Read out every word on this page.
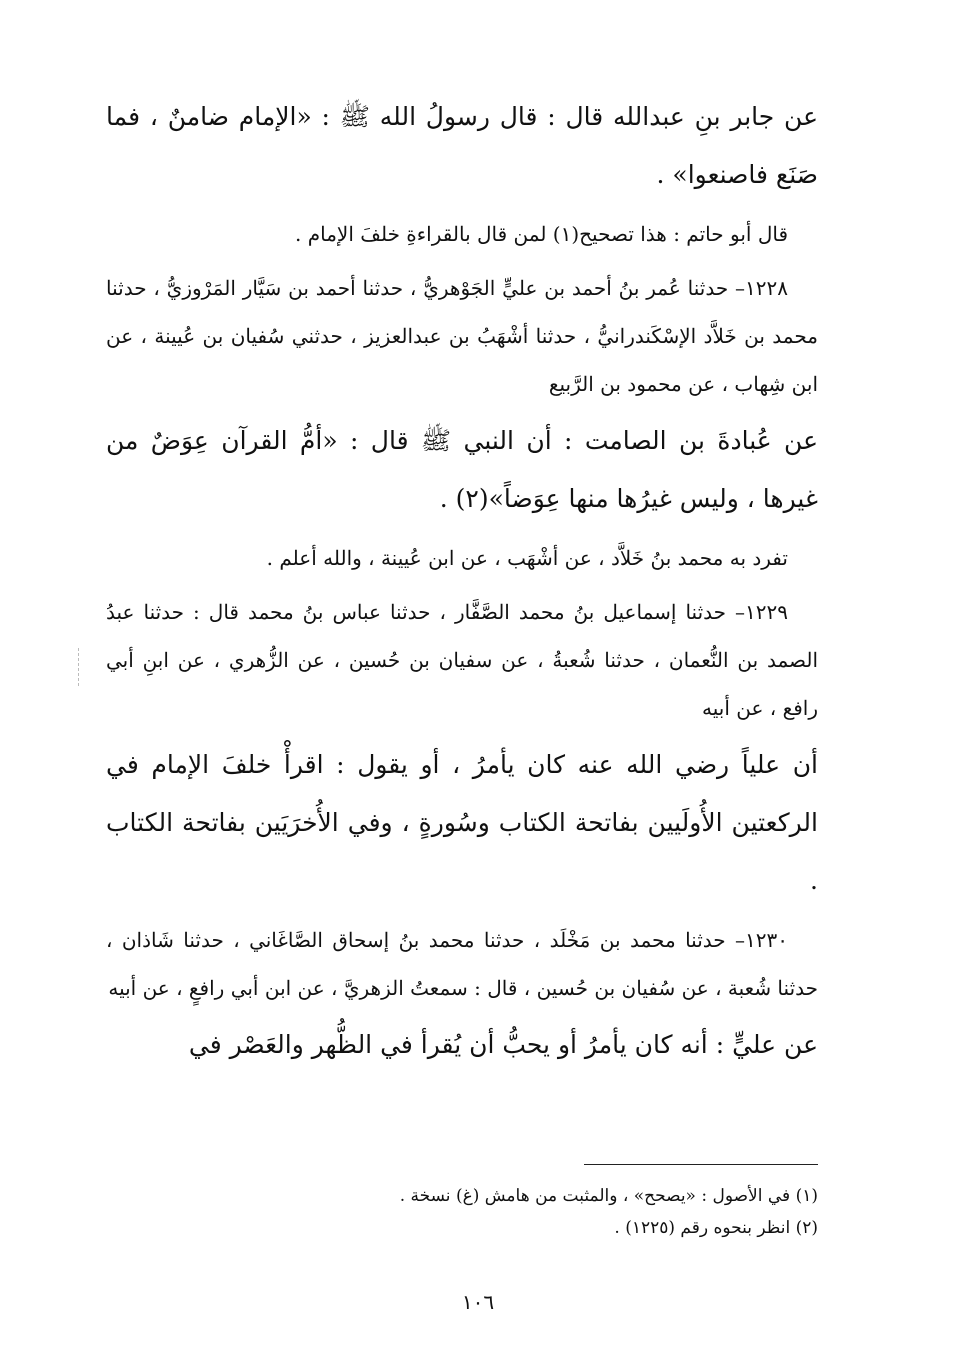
عن جابر بنِ عبدالله قال : قال رسولُ الله ﷺ : «الإمام ضامنٌ ، فما صَنَع فاصنعوا» .

قال أبو حاتم : هذا تصحيح(١) لمن قال بالقراءةِ خلفَ الإمام .

١٢٢٨– حدثنا عُمر بنُ أحمد بن عليٍّ الجَوْهريُّ ، حدثنا أحمد بن سَيَّار المَرْوزيُّ ، حدثنا محمد بن خَلاَّد الإسْكَندرانيُّ ، حدثنا أشْهَبُ بن عبدالعزيز ، حدثني سُفيان بن عُيينة ، عن ابن شِهاب ، عن محمود بن الرَّبيع

عن عُبادةَ بن الصامت : أن النبي ﷺ قال : «أمُّ القرآن عِوَضٌ من غيرها ، وليس غيرُها منها عِوَضاً»(٢) .

تفرد به محمد بنُ خَلاَّد ، عن أشْهَب ، عن ابن عُيينة ، والله أعلم .

١٢٢٩– حدثنا إسماعيل بنُ محمد الصَّفَّار ، حدثنا عباس بنُ محمد قال : حدثنا عبدُ الصمد بن النُّعمان ، حدثنا شُعبةُ ، عن سفيان بن حُسين ، عن الزُّهري ، عن ابنِ أبي رافع ، عن أبيه

أن علياً رضي الله عنه كان يأمرُ ، أو يقول : اقرأْ خلفَ الإمام في الركعتين الأُولَيين بفاتحة الكتاب وسُورةٍ ، وفي الأُخرَيَين بفاتحة الكتاب .

١٢٣٠– حدثنا محمد بن مَخْلَد ، حدثنا محمد بنُ إسحاق الصَّاغَاني ، حدثنا شَاذان ، حدثنا شُعبة ، عن سُفيان بن حُسين ، قال : سمعتُ الزهريَّ ، عن ابن أبي رافعٍ ، عن أبيه

عن عليٍّ : أنه كان يأمرُ أو يحبُّ أن يُقرأ في الظُّهر والعَصْر في

(١) في الأصول : «يصحح» ، والمثبت من هامش (غ) نسخة .

(٢) انظر بنحوه رقم (١٢٢٥) .

١٠٦
